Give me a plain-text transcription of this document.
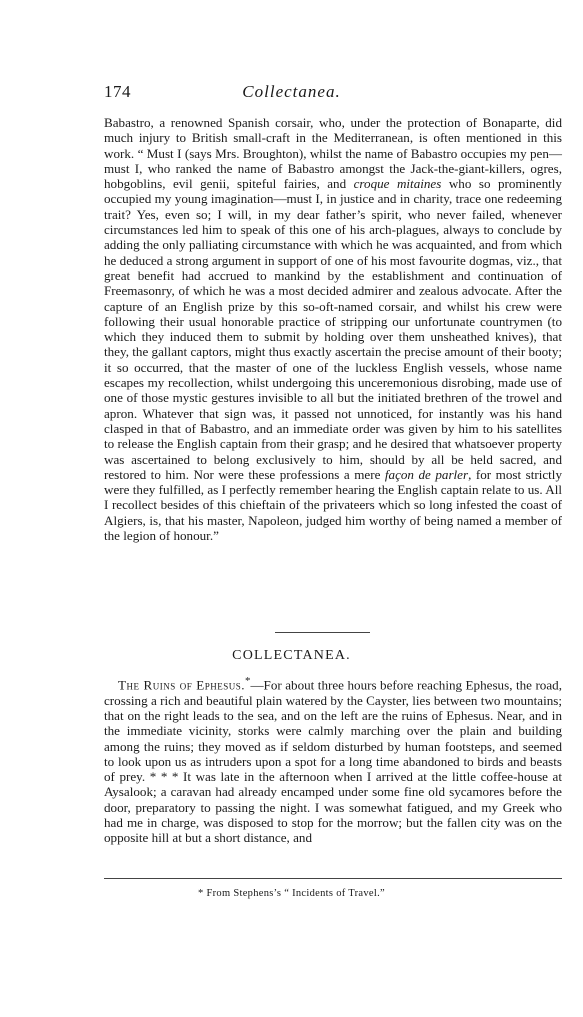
174	Collectanea.

Babastro, a renowned Spanish corsair, who, under the protection of Bonaparte, did much injury to British small-craft in the Mediterranean, is often mentioned in this work. “ Must I (says Mrs. Broughton), whilst the name of Babastro occupies my pen—must I, who ranked the name of Babastro amongst the Jack-the-giant-killers, ogres, hobgoblins, evil genii, spiteful fairies, and croque mitaines who so prominently occupied my young imagination—must I, in justice and in charity, trace one redeeming trait? Yes, even so; I will, in my dear father’s spirit, who never failed, whenever circumstances led him to speak of this one of his arch-plagues, always to conclude by adding the only palliating circumstance with which he was acquainted, and from which he deduced a strong argument in support of one of his most favourite dogmas, viz., that great benefit had accrued to mankind by the establishment and continuation of Freemasonry, of which he was a most decided admirer and zealous advocate. After the capture of an English prize by this so-oft-named corsair, and whilst his crew were following their usual honorable practice of stripping our unfortunate countrymen (to which they induced them to submit by holding over them unsheathed knives), that they, the gallant captors, might thus exactly ascertain the precise amount of their booty; it so occurred, that the master of one of the luckless English vessels, whose name escapes my recollection, whilst undergoing this unceremonious disrobing, made use of one of those mystic gestures invisible to all but the initiated brethren of the trowel and apron. Whatever that sign was, it passed not unnoticed, for instantly was his hand clasped in that of Babastro, and an immediate order was given by him to his satellites to release the English captain from their grasp; and he desired that whatsoever property was ascertained to belong exclusively to him, should by all be held sacred, and restored to him. Nor were these professions a mere façon de parler, for most strictly were they fulfilled, as I perfectly remember hearing the English captain relate to us. All I recollect besides of this chieftain of the privateers which so long infested the coast of Algiers, is, that his master, Napoleon, judged him worthy of being named a member of the legion of honour.”

COLLECTANEA.

The Ruins of Ephesus.*—For about three hours before reaching Ephesus, the road, crossing a rich and beautiful plain watered by the Cayster, lies between two mountains; that on the right leads to the sea, and on the left are the ruins of Ephesus. Near, and in the immediate vicinity, storks were calmly marching over the plain and building among the ruins; they moved as if seldom disturbed by human footsteps, and seemed to look upon us as intruders upon a spot for a long time abandoned to birds and beasts of prey. * * * It was late in the afternoon when I arrived at the little coffee-house at Aysalook; a caravan had already encamped under some fine old sycamores before the door, preparatory to passing the night. I was somewhat fatigued, and my Greek who had me in charge, was disposed to stop for the morrow; but the fallen city was on the opposite hill at but a short distance, and

* From Stephens’s “ Incidents of Travel.”
